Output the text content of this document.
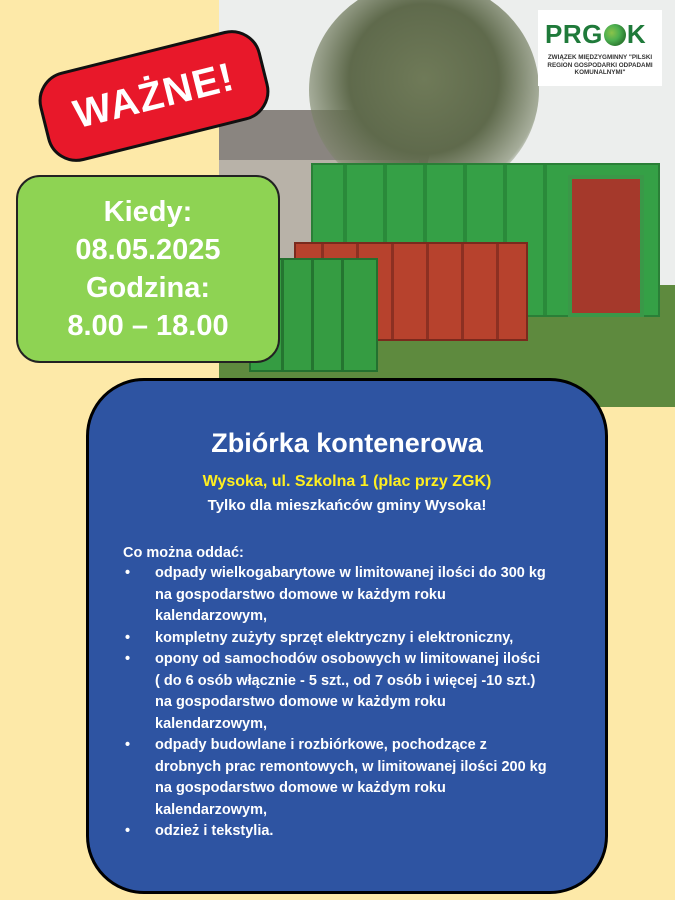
PRG K
ZWIĄZEK MIĘDZYGMINNY "PILSKI REGION GOSPODARKI ODPADAMI KOMUNALNYMI"
WAŻNE!
Kiedy:
08.05.2025
Godzina:
8.00 – 18.00
Zbiórka kontenerowa
Wysoka, ul. Szkolna 1 (plac przy ZGK)
Tylko dla mieszkańców gminy Wysoka!
Co można oddać:
• odpady wielkogabarytowe w limitowanej ilości do 300 kg
na gospodarstwo domowe w każdym roku
kalendarzowym,
• kompletny zużyty sprzęt elektryczny i elektroniczny,
• opony od samochodów osobowych w limitowanej ilości
( do 6 osób włącznie - 5 szt., od 7 osób i więcej -10 szt.)
na gospodarstwo domowe w każdym roku
kalendarzowym,
• odpady budowlane i rozbiórkowe, pochodzące z
drobnych prac remontowych, w limitowanej ilości 200 kg
na gospodarstwo domowe w każdym roku
kalendarzowym,
• odzież i tekstylia.
